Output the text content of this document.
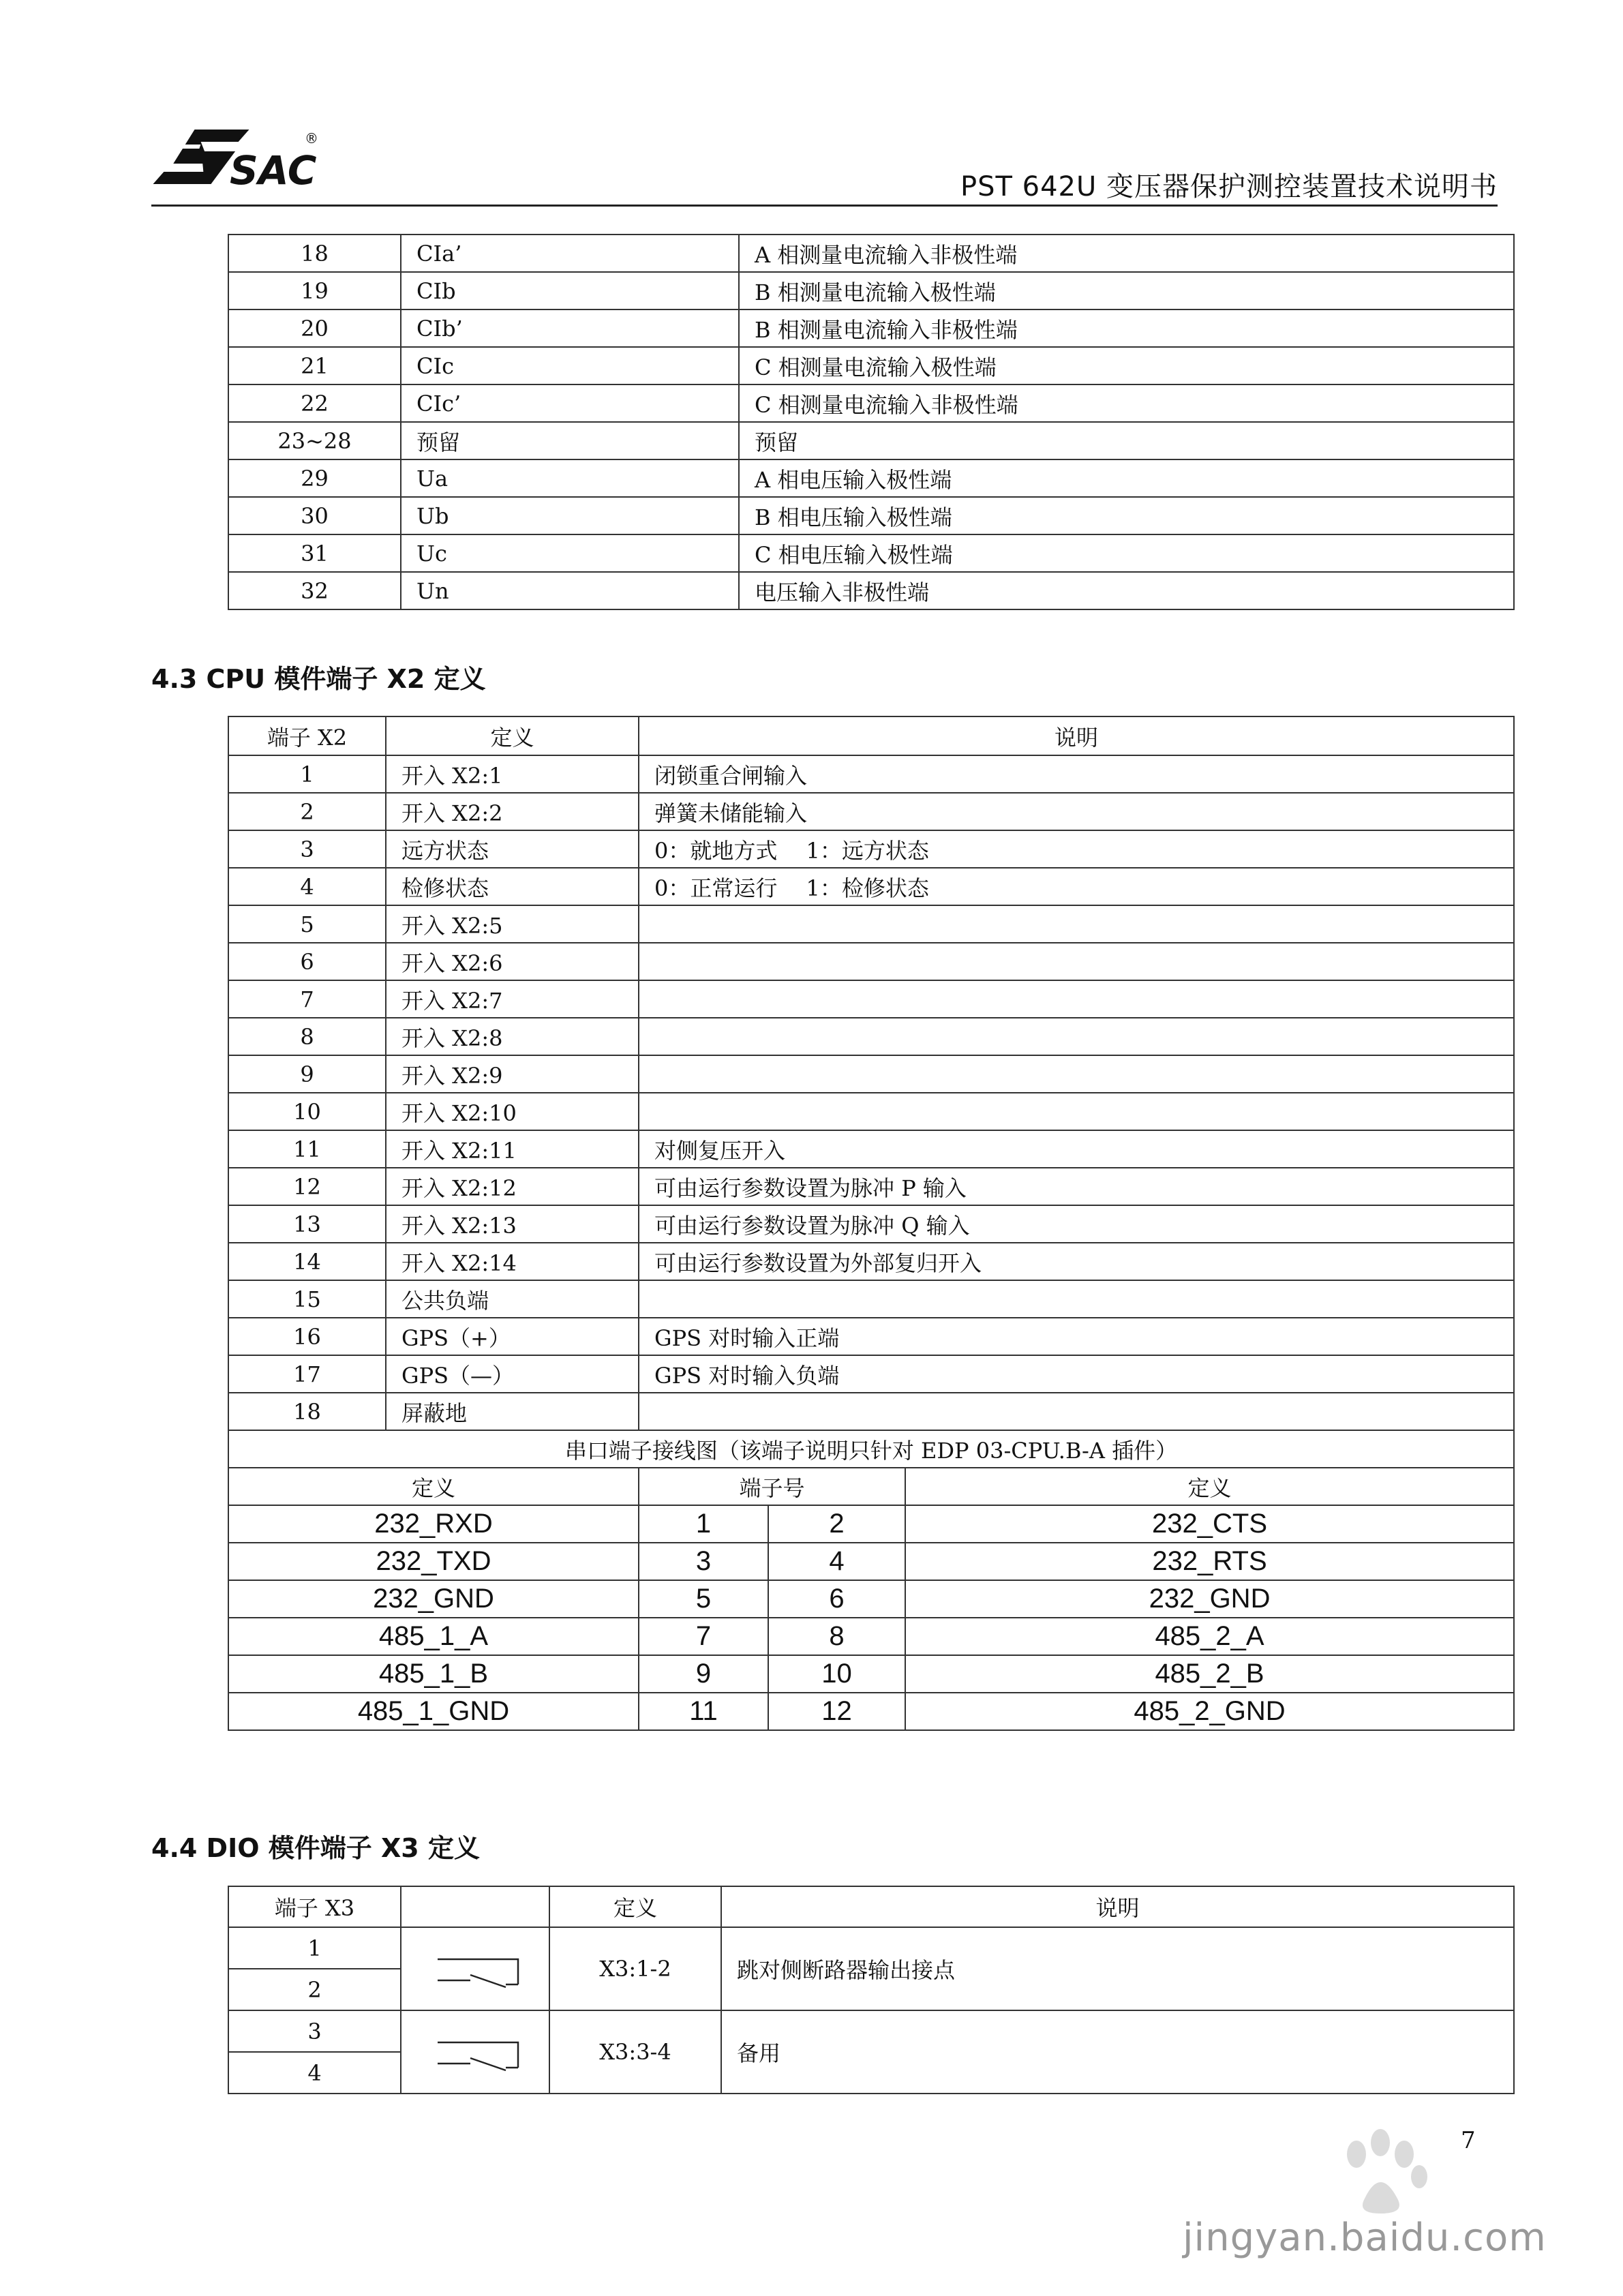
SAC
®
PST 642U 变压器保护测控装置技术说明书
18	CIa’	A 相测量电流输入非极性端
19	CIb	B 相测量电流输入极性端
20	CIb’	B 相测量电流输入非极性端
21	CIc	C 相测量电流输入极性端
22	CIc’	C 相测量电流输入非极性端
23~28	预留	预留
29	Ua	A 相电压输入极性端
30	Ub	B 相电压输入极性端
31	Uc	C 相电压输入极性端
32	Un	电压输入非极性端
4.3 CPU 模件端子 X2 定义
端子 X2	定义	说明		
1	开入 X2:1	闭锁重合闸输入		
2	开入 X2:2	弹簧未储能输入		
3	远方状态	0：就地方式　 1：远方状态		
4	检修状态	0：正常运行　 1：检修状态		
5	开入 X2:5			
6	开入 X2:6			
7	开入 X2:7			
8	开入 X2:8			
9	开入 X2:9			
10	开入 X2:10			
11	开入 X2:11	对侧复压开入		
12	开入 X2:12	可由运行参数设置为脉冲 P 输入		
13	开入 X2:13	可由运行参数设置为脉冲 Q 输入		
14	开入 X2:14	可由运行参数设置为外部复归开入		
15	公共负端			
16	GPS（+）	GPS 对时输入正端		
17	GPS（—）	GPS 对时输入负端		
18	屏蔽地			
串口端子接线图（该端子说明只针对 EDP 03-CPU.B-A 插件）				
定义		端子号		定义
232_RXD		1	2	232_CTS
232_TXD		3	4	232_RTS
232_GND		5	6	232_GND
485_1_A		7	8	485_2_A
485_1_B		9	10	485_2_B
485_1_GND		11	12	485_2_GND
4.4 DIO 模件端子 X3 定义
端子 X3		定义	说明
1		X3:1-2	跳对侧断路器输出接点
2			
3		X3:3-4	备用
4			
7
jingyan.baidu.com
